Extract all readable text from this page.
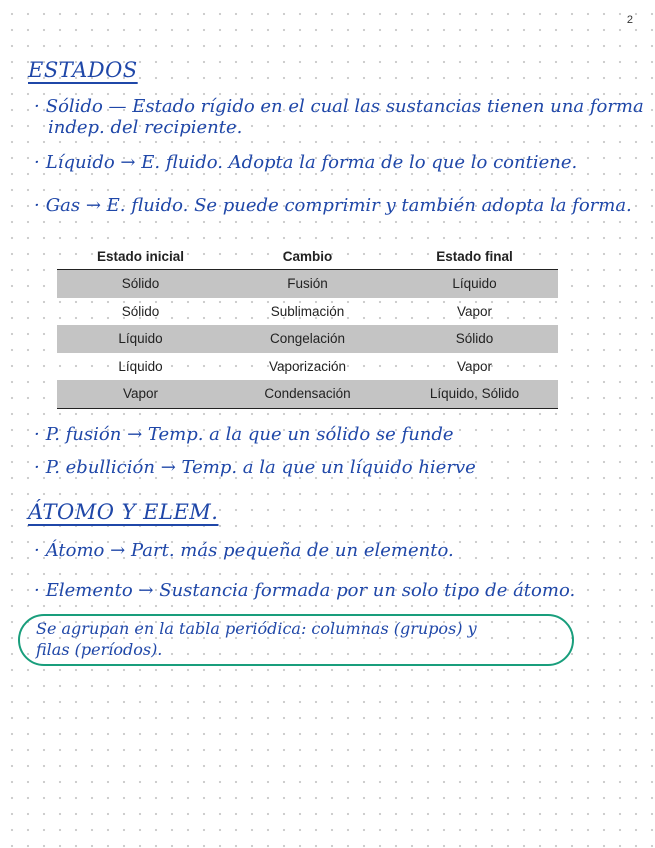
2
ESTADOS
· Sólido — Estado rígido en el cual las sustancias tienen una forma
indep. del recipiente.
· Líquido → E. fluido. Adopta la forma de lo que lo contiene.
· Gas → E. fluido. Se puede comprimir y también adopta la forma.
Estado inicial	Cambio	Estado final
Sólido	Fusión	Líquido
Sólido	Sublimación	Vapor
Líquido	Congelación	Sólido
Líquido	Vaporización	Vapor
Vapor	Condensación	Líquido, Sólido
· P. fusión → Temp. a la que un sólido se funde
· P. ebullición → Temp. a la que un líquido hierve
ÁTOMO Y ELEM.
· Átomo → Part. más pequeña de un elemento.
· Elemento → Sustancia formada por un solo tipo de átomo.
Se agrupan en la tabla periódica: columnas (grupos) y
filas (períodos).
